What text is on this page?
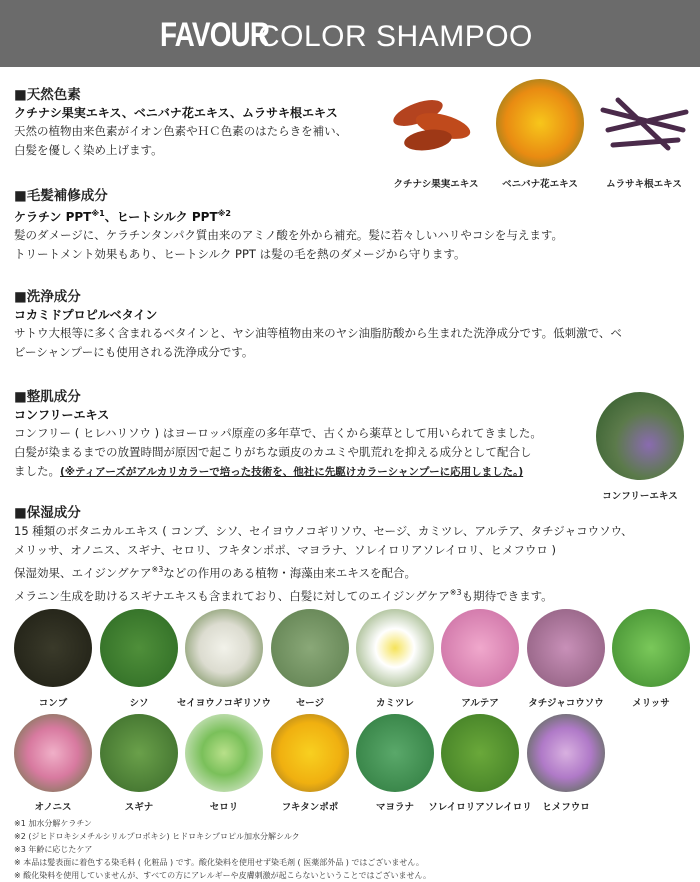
FAVOUR
COLOR SHAMPOO
■天然色素
クチナシ果実エキス、ベニバナ花エキス、ムラサキ根エキス
天然の植物由来色素がイオン色素やＨＣ色素のはたらきを補い、
白髪を優しく染め上げます。
クチナシ果実エキス	ベニバナ花エキス	ムラサキ根エキス
■毛髪補修成分
ケラチン PPT$^{※1}$、ヒートシルク PPT$^{※2}$
髪のダメージに、ケラチンタンパク質由来のアミノ酸を外から補充。髪に若々しいハリやコシを与えます。
トリートメント効果もあり、ヒートシルク PPT は髪の毛を熱のダメージから守ります。
■洗浄成分
コカミドプロピルベタイン
サトウ大根等に多く含まれるベタインと、ヤシ油等植物由来のヤシ油脂肪酸から生まれた洗浄成分です。低刺激で、ベ
ビーシャンプーにも使用される洗浄成分です。
■整肌成分
コンフリーエキス
コンフリー ( ヒレハリソウ ) はヨーロッパ原産の多年草で、古くから薬草として用いられてきました。
白髪が染まるまでの放置時間が原因で起こりがちな頭皮のカユミや肌荒れを抑える成分として配合し
ました。(※ティアーズがアルカリカラーで培った技術を、他社に先駆けカラーシャンプーに応用しました。)
コンフリーエキス
■保湿成分
15 種類のボタニカルエキス ( コンブ、シソ、セイヨウノコギリソウ、セージ、カミツレ、アルテア、タチジャコウソウ、
メリッサ、オノニス、スギナ、セロリ、フキタンポポ、マヨラナ、ソレイロリアソレイロリ、ヒメフウロ )
保湿効果、エイジングケア$^{※3}$などの作用のある植物・海藻由来エキスを配合。
メラニン生成を助けるスギナエキスも含まれており、白髪に対してのエイジングケア$^{※3}$も期待できます。
コンブ	シソ	セイヨウノコギリソウ	セージ	カミツレ	アルテア	タチジャコウソウ	メリッサ
オノニス	スギナ	セロリ	フキタンポポ	マヨラナ	ソレイロリアソレイロリ	ヒメフウロ
※1 加水分解ケラチン
※2 (ジヒドロキシメチルシリルプロポキシ) ヒドロキシプロピル加水分解シルク
※3 年齢に応じたケア
※ 本品は髪表面に着色する染毛料 ( 化粧品 ) です。酸化染料を使用せず染毛剤 ( 医薬部外品 ) ではございません。
※ 酸化染料を使用していませんが、すべての方にアレルギーや皮膚刺激が起こらないということではございません。
